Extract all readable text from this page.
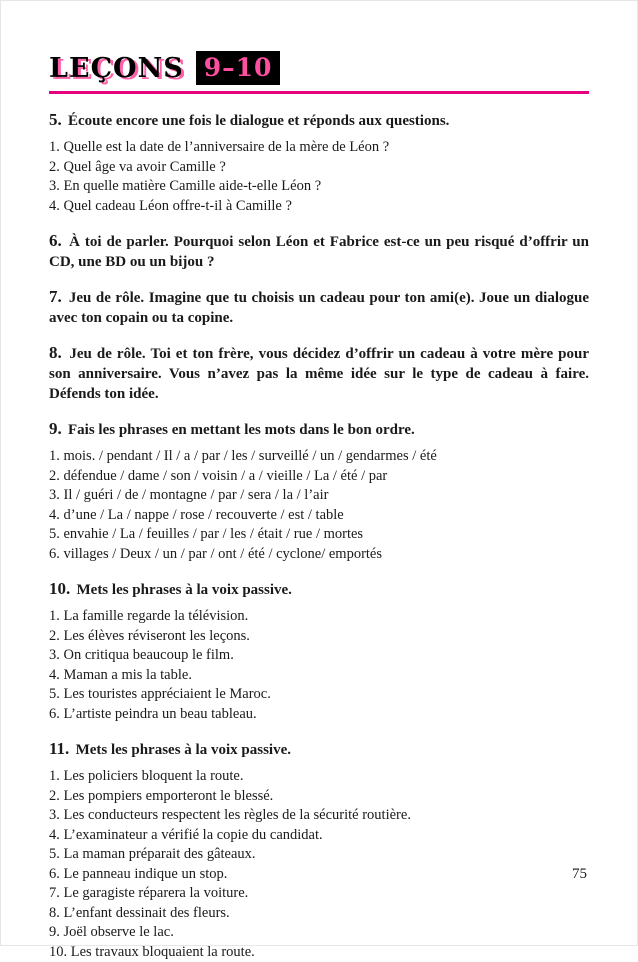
LEÇONS 9–10

5. Écoute encore une fois le dialogue et réponds aux questions.

1. Quelle est la date de l’anniversaire de la mère de Léon ?

2. Quel âge va avoir Camille ?

3. En quelle matière Camille aide-t-elle Léon ?

4. Quel cadeau Léon offre-t-il à Camille ?

6. À toi de parler. Pourquoi selon Léon et Fabrice est-ce un peu risqué d’offrir un CD, une BD ou un bijou ?

7. Jeu de rôle. Imagine que tu choisis un cadeau pour ton ami(e). Joue un dialogue avec ton copain ou ta copine.

8. Jeu de rôle. Toi et ton frère, vous décidez d’offrir un cadeau à votre mère pour son anniversaire. Vous n’avez pas la même idée sur le type de cadeau à faire. Défends ton idée.

9. Fais les phrases en mettant les mots dans le bon ordre.

1. mois. / pendant / Il / a / par / les / surveillé / un / gendarmes / été

2. défendue / dame / son / voisin / a / vieille / La / été / par

3. Il / guéri / de / montagne / par / sera / la / l’air

4. d’une / La / nappe / rose / recouverte / est / table

5. envahie / La / feuilles / par / les / était / rue / mortes

6. villages / Deux / un / par / ont / été / cyclone/ emportés

10. Mets les phrases à la voix passive.

1. La famille regarde la télévision.

2. Les élèves réviseront les leçons.

3. On critiqua beaucoup le film.

4. Maman a mis la table.

5. Les touristes appréciaient le Maroc.

6. L’artiste peindra un beau tableau.

11. Mets les phrases à la voix passive.

1. Les policiers bloquent la route.

2. Les pompiers emporteront le blessé.

3. Les conducteurs respectent les règles de la sécurité routière.

4. L’examinateur a vérifié la copie du candidat.

5. La maman préparait des gâteaux.

6. Le panneau indique un stop.

7. Le garagiste réparera la voiture.

8. L’enfant dessinait des fleurs.

9. Joël observe le lac.

10. Les travaux bloquaient la route.

75
